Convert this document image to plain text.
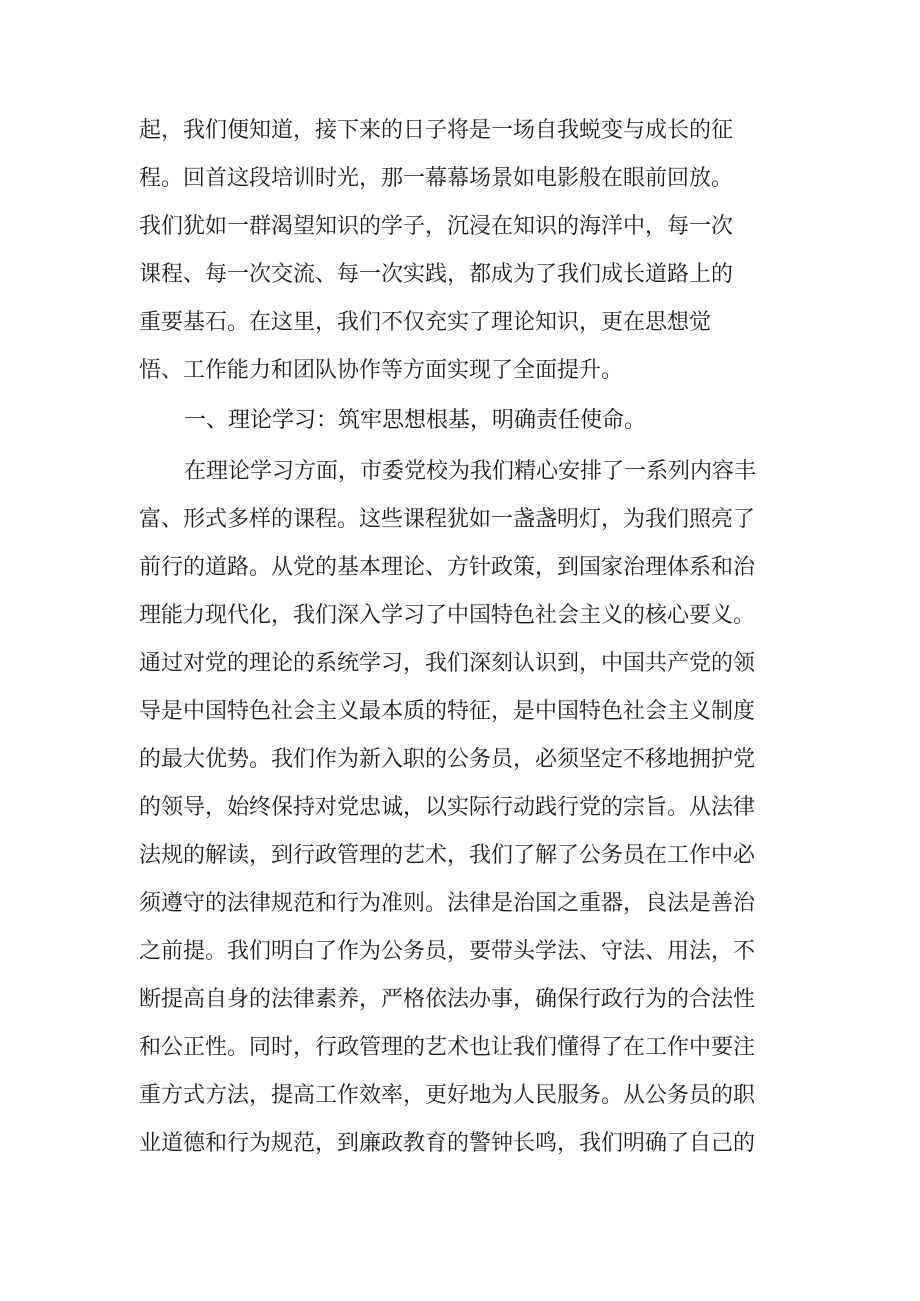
起，我们便知道，接下来的日子将是一场自我蜕变与成长的征
程。回首这段培训时光，那一幕幕场景如电影般在眼前回放。
我们犹如一群渴望知识的学子，沉浸在知识的海洋中，每一次
课程、每一次交流、每一次实践，都成为了我们成长道路上的
重要基石。在这里，我们不仅充实了理论知识，更在思想觉
悟、工作能力和团队协作等方面实现了全面提升。
一、理论学习：筑牢思想根基，明确责任使命。
在理论学习方面，市委党校为我们精心安排了一系列内容丰
富、形式多样的课程。这些课程犹如一盏盏明灯，为我们照亮了
前行的道路。从党的基本理论、方针政策，到国家治理体系和治
理能力现代化，我们深入学习了中国特色社会主义的核心要义。
通过对党的理论的系统学习，我们深刻认识到，中国共产党的领
导是中国特色社会主义最本质的特征，是中国特色社会主义制度
的最大优势。我们作为新入职的公务员，必须坚定不移地拥护党
的领导，始终保持对党忠诚，以实际行动践行党的宗旨。从法律
法规的解读，到行政管理的艺术，我们了解了公务员在工作中必
须遵守的法律规范和行为准则。法律是治国之重器，良法是善治
之前提。我们明白了作为公务员，要带头学法、守法、用法，不
断提高自身的法律素养，严格依法办事，确保行政行为的合法性
和公正性。同时，行政管理的艺术也让我们懂得了在工作中要注
重方式方法，提高工作效率，更好地为人民服务。从公务员的职
业道德和行为规范，到廉政教育的警钟长鸣，我们明确了自己的
